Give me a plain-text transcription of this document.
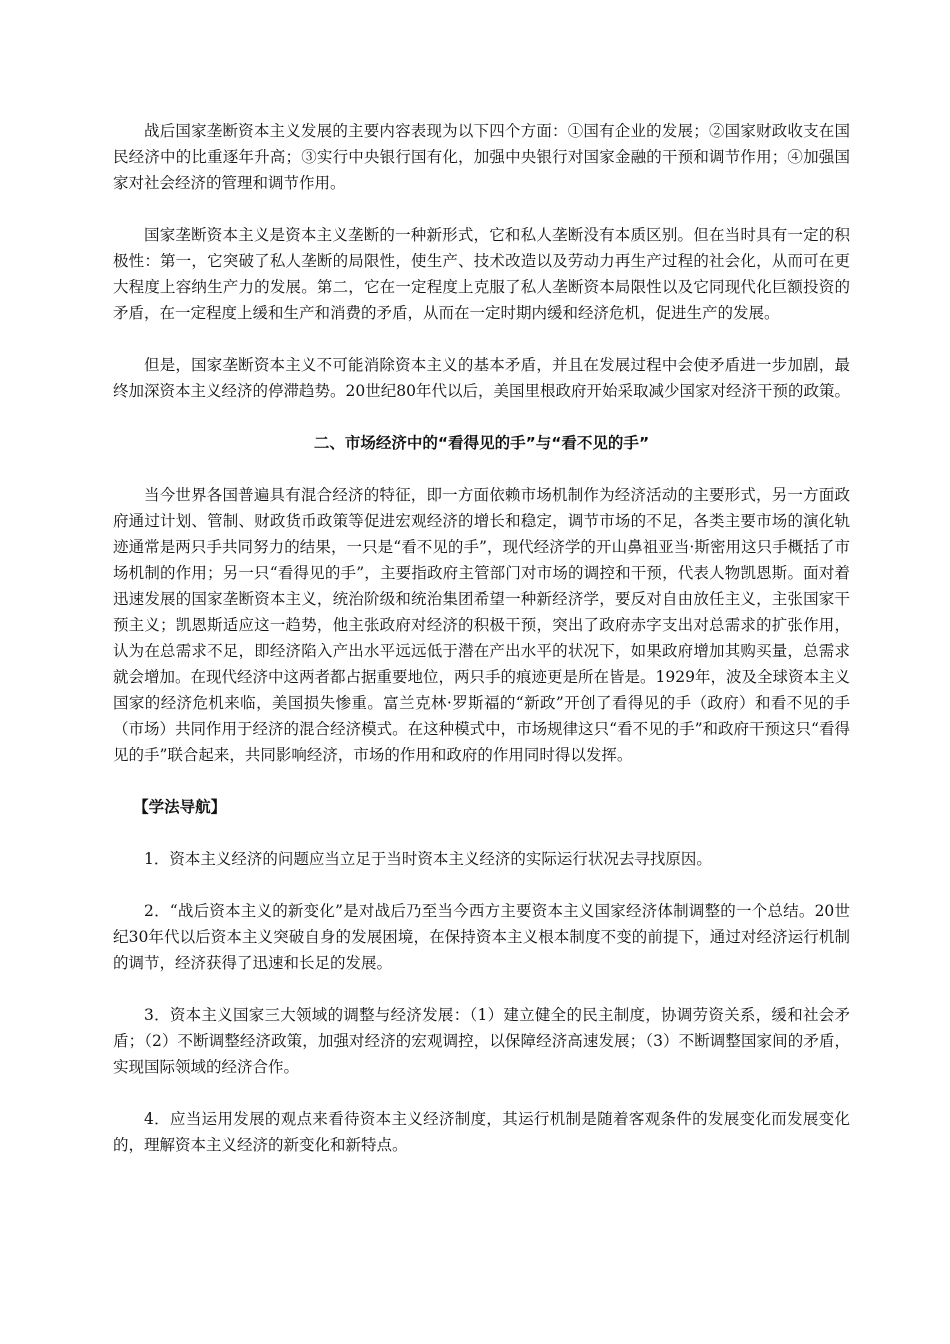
战后国家垄断资本主义发展的主要内容表现为以下四个方面：①国有企业的发展；②国家财政收支在国民经济中的比重逐年升高；③实行中央银行国有化，加强中央银行对国家金融的干预和调节作用；④加强国家对社会经济的管理和调节作用。

国家垄断资本主义是资本主义垄断的一种新形式，它和私人垄断没有本质区别。但在当时具有一定的积极性：第一，它突破了私人垄断的局限性，使生产、技术改造以及劳动力再生产过程的社会化，从而可在更大程度上容纳生产力的发展。第二，它在一定程度上克服了私人垄断资本局限性以及它同现代化巨额投资的矛盾，在一定程度上缓和生产和消费的矛盾，从而在一定时期内缓和经济危机，促进生产的发展。

但是，国家垄断资本主义不可能消除资本主义的基本矛盾，并且在发展过程中会使矛盾进一步加剧，最终加深资本主义经济的停滞趋势。20世纪80年代以后，美国里根政府开始采取减少国家对经济干预的政策。

二、市场经济中的“看得见的手”与“看不见的手”

当今世界各国普遍具有混合经济的特征，即一方面依赖市场机制作为经济活动的主要形式，另一方面政府通过计划、管制、财政货币政策等促进宏观经济的增长和稳定，调节市场的不足，各类主要市场的演化轨迹通常是两只手共同努力的结果，一只是“看不见的手”，现代经济学的开山鼻祖亚当·斯密用这只手概括了市场机制的作用；另一只“看得见的手”，主要指政府主管部门对市场的调控和干预，代表人物凯恩斯。面对着迅速发展的国家垄断资本主义，统治阶级和统治集团希望一种新经济学，要反对自由放任主义，主张国家干预主义；凯恩斯适应这一趋势，他主张政府对经济的积极干预，突出了政府赤字支出对总需求的扩张作用，认为在总需求不足，即经济陷入产出水平远远低于潜在产出水平的状况下，如果政府增加其购买量，总需求就会增加。在现代经济中这两者都占据重要地位，两只手的痕迹更是所在皆是。1929年，波及全球资本主义国家的经济危机来临，美国损失惨重。富兰克林·罗斯福的“新政”开创了看得见的手（政府）和看不见的手（市场）共同作用于经济的混合经济模式。在这种模式中，市场规律这只“看不见的手”和政府干预这只“看得见的手”联合起来，共同影响经济，市场的作用和政府的作用同时得以发挥。

【学法导航】

1．资本主义经济的问题应当立足于当时资本主义经济的实际运行状况去寻找原因。

2．“战后资本主义的新变化”是对战后乃至当今西方主要资本主义国家经济体制调整的一个总结。20世纪30年代以后资本主义突破自身的发展困境，在保持资本主义根本制度不变的前提下，通过对经济运行机制的调节，经济获得了迅速和长足的发展。

3．资本主义国家三大领域的调整与经济发展：（1）建立健全的民主制度，协调劳资关系，缓和社会矛盾；（2）不断调整经济政策，加强对经济的宏观调控，以保障经济高速发展；（3）不断调整国家间的矛盾，实现国际领域的经济合作。

4．应当运用发展的观点来看待资本主义经济制度，其运行机制是随着客观条件的发展变化而发展变化的，理解资本主义经济的新变化和新特点。
